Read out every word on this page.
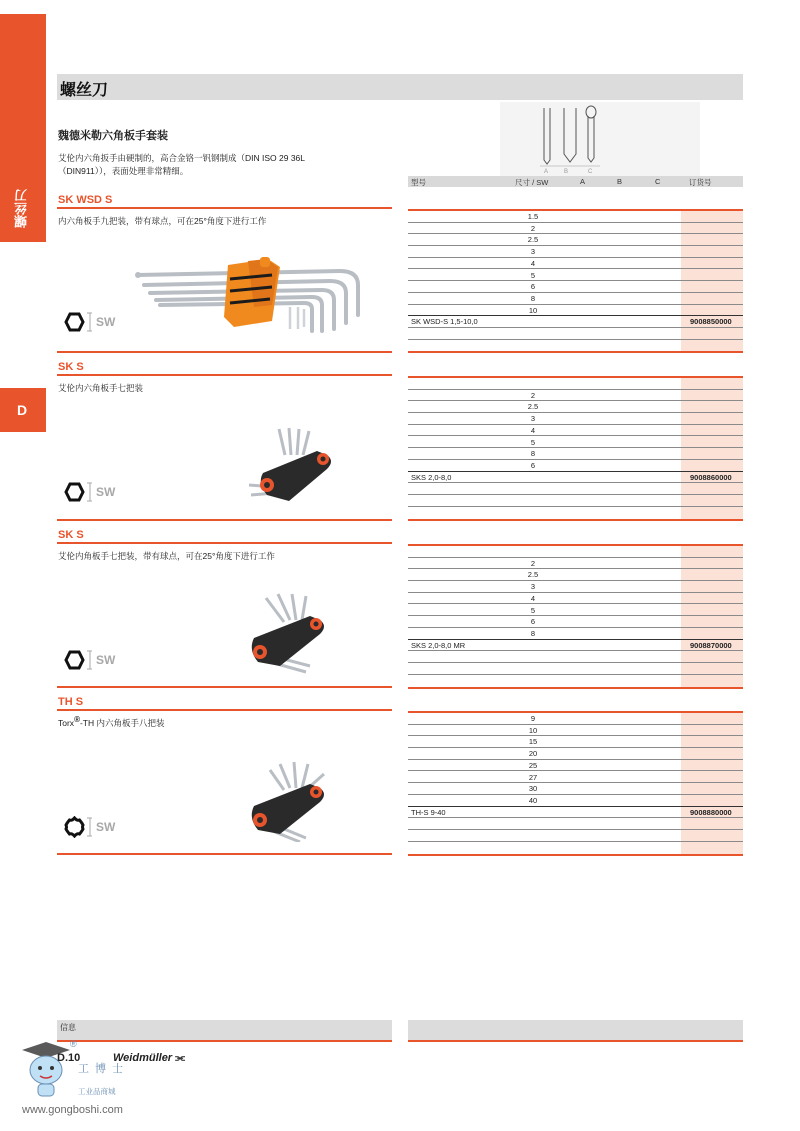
螺丝刀
D
螺丝刀
魏德米勒六角板手套装
艾伦内六角扳手由硬制的，高合金铬一钒钢制成（DIN ISO 29 36L
（DIN911）），表面处理非常精细。	A	B	C
型号	尺寸 / SW	A	B	C	订货号
SK WSD S
内六角板手九把装，带有球点，可在25°角度下进行工作
SW
1.5
2
2.5
3
4
5
6
8
10
SK WSD-S 1,5-10,0	9008850000
SK S
艾伦内六角板手七把装
SW
2
2.5
3
4
5
8
6
SKS 2,0-8,0	9008860000
SK S
艾伦内角板手七把装，带有球点，可在25°角度下进行工作
SW
2
2.5
3
4
5
6
8
SKS 2,0-8,0 MR	9008870000
TH S
Torx®-TH 内六角板手八把装
SW
9
10
15
20
25
27
30
40
TH-S 9-40	9008880000
信息
®
D.10	Weidmüller ⫘
工博士
工业品商城
www.gongboshi.com
